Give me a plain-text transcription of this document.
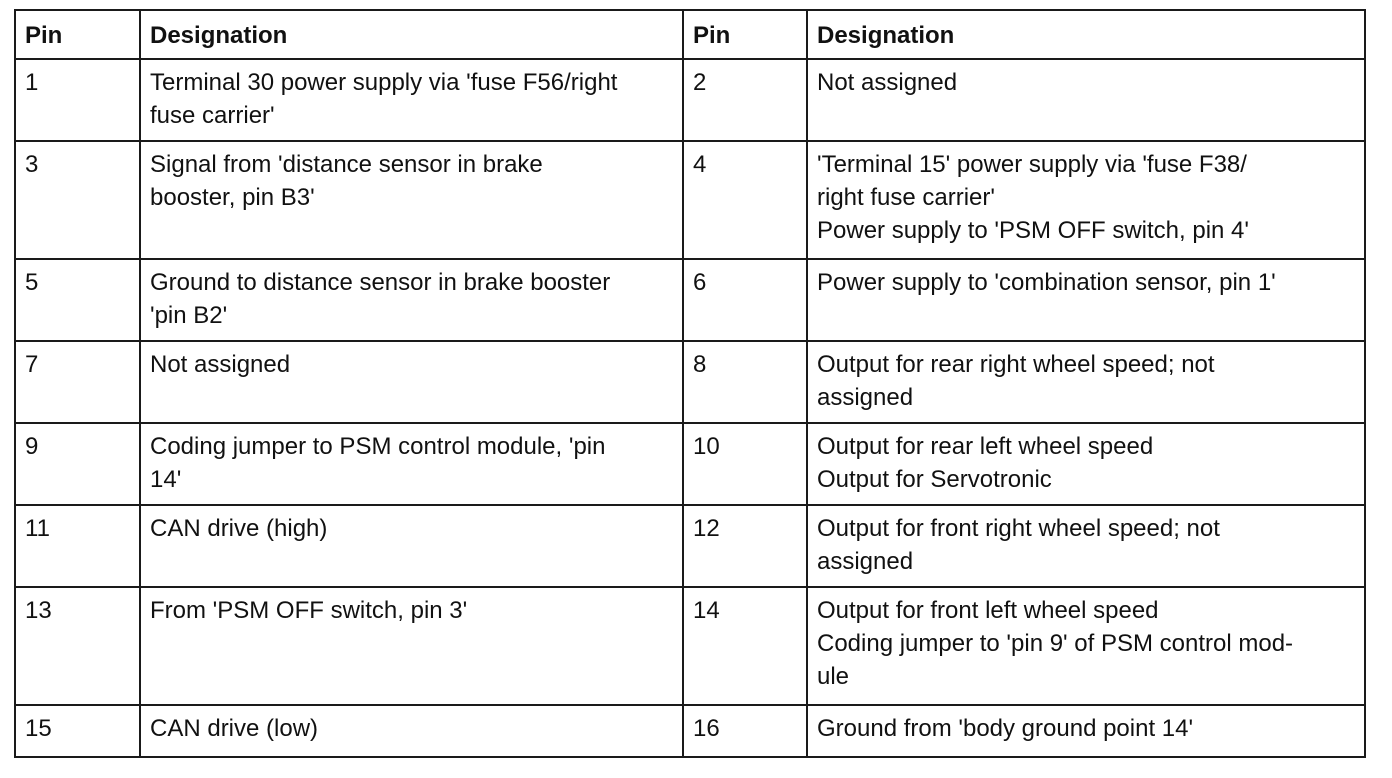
Pin	Designation	Pin	Designation
1	Terminal 30 power supply via 'fuse F56/right
fuse carrier'	2	Not assigned

3	Signal from 'distance sensor in brake
booster, pin B3'	4	'Terminal 15' power supply via 'fuse F38/
right fuse carrier'
Power supply to 'PSM OFF switch, pin 4'

5	Ground to distance sensor in brake booster
'pin B2'	6	Power supply to 'combination sensor, pin 1'

7	Not assigned	8	Output for rear right wheel speed; not
assigned

9	Coding jumper to PSM control module, 'pin
14'	10	Output for rear left wheel speed
Output for Servotronic

11	CAN drive (high)	12	Output for front right wheel speed; not
assigned

13	From 'PSM OFF switch, pin 3'	14	Output for front left wheel speed
Coding jumper to 'pin 9' of PSM control mod-
ule

15	CAN drive (low)	16	Ground from 'body ground point 14'
